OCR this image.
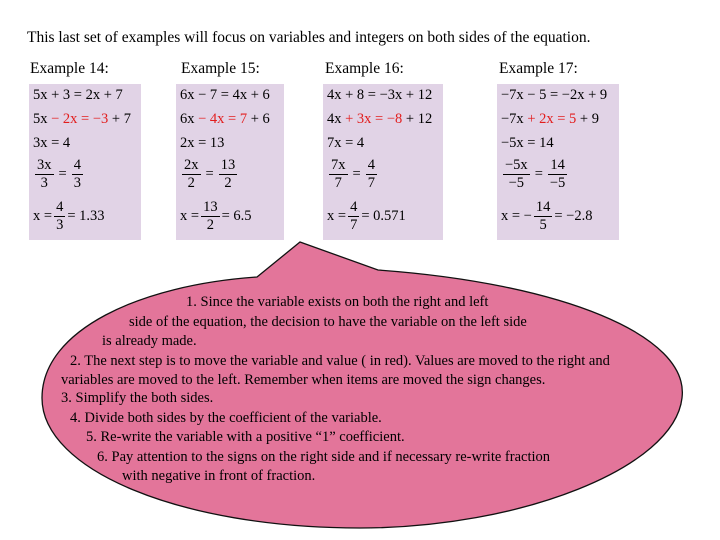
This last set of examples will focus on variables and integers on both sides of the equation.
Example 14:
5x + 3 = 2x + 7
5x − 2x = −3 + 7
3x = 4
$\frac{3x}{3} = \frac{4}{3}$
$x = \frac{4}{3} = 1.33$
Example 15:
6x − 7 = 4x + 6
6x − 4x = 7 + 6
2x = 13
$\frac{2x}{2} = \frac{13}{2}$
$x = \frac{13}{2} = 6.5$
Example 16:
4x + 8 = −3x + 12
4x + 3x = −8 + 12
7x = 4
$\frac{7x}{7} = \frac{4}{7}$
$x = \frac{4}{7} = 0.571$
Example 17:
−7x − 5 = −2x + 9
−7x + 2x = 5 + 9
−5x = 14
$\frac{-5x}{-5} = \frac{14}{-5}$
x = − $\frac{14}{5} = -2.8$
1. Since the variable exists on both the right and left
side of the equation, the decision to have the variable on the left side
is already made.
2. The next step is to move the variable and value ( in red). Values are moved to the right and
variables are moved to the left. Remember when items are moved the sign changes.
3. Simplify the both sides.
4. Divide both sides by the coefficient of the variable.
5. Re-write the variable with a positive “1” coefficient.
6. Pay attention to the signs on the right side and if necessary re-write fraction
with negative in front of fraction.
